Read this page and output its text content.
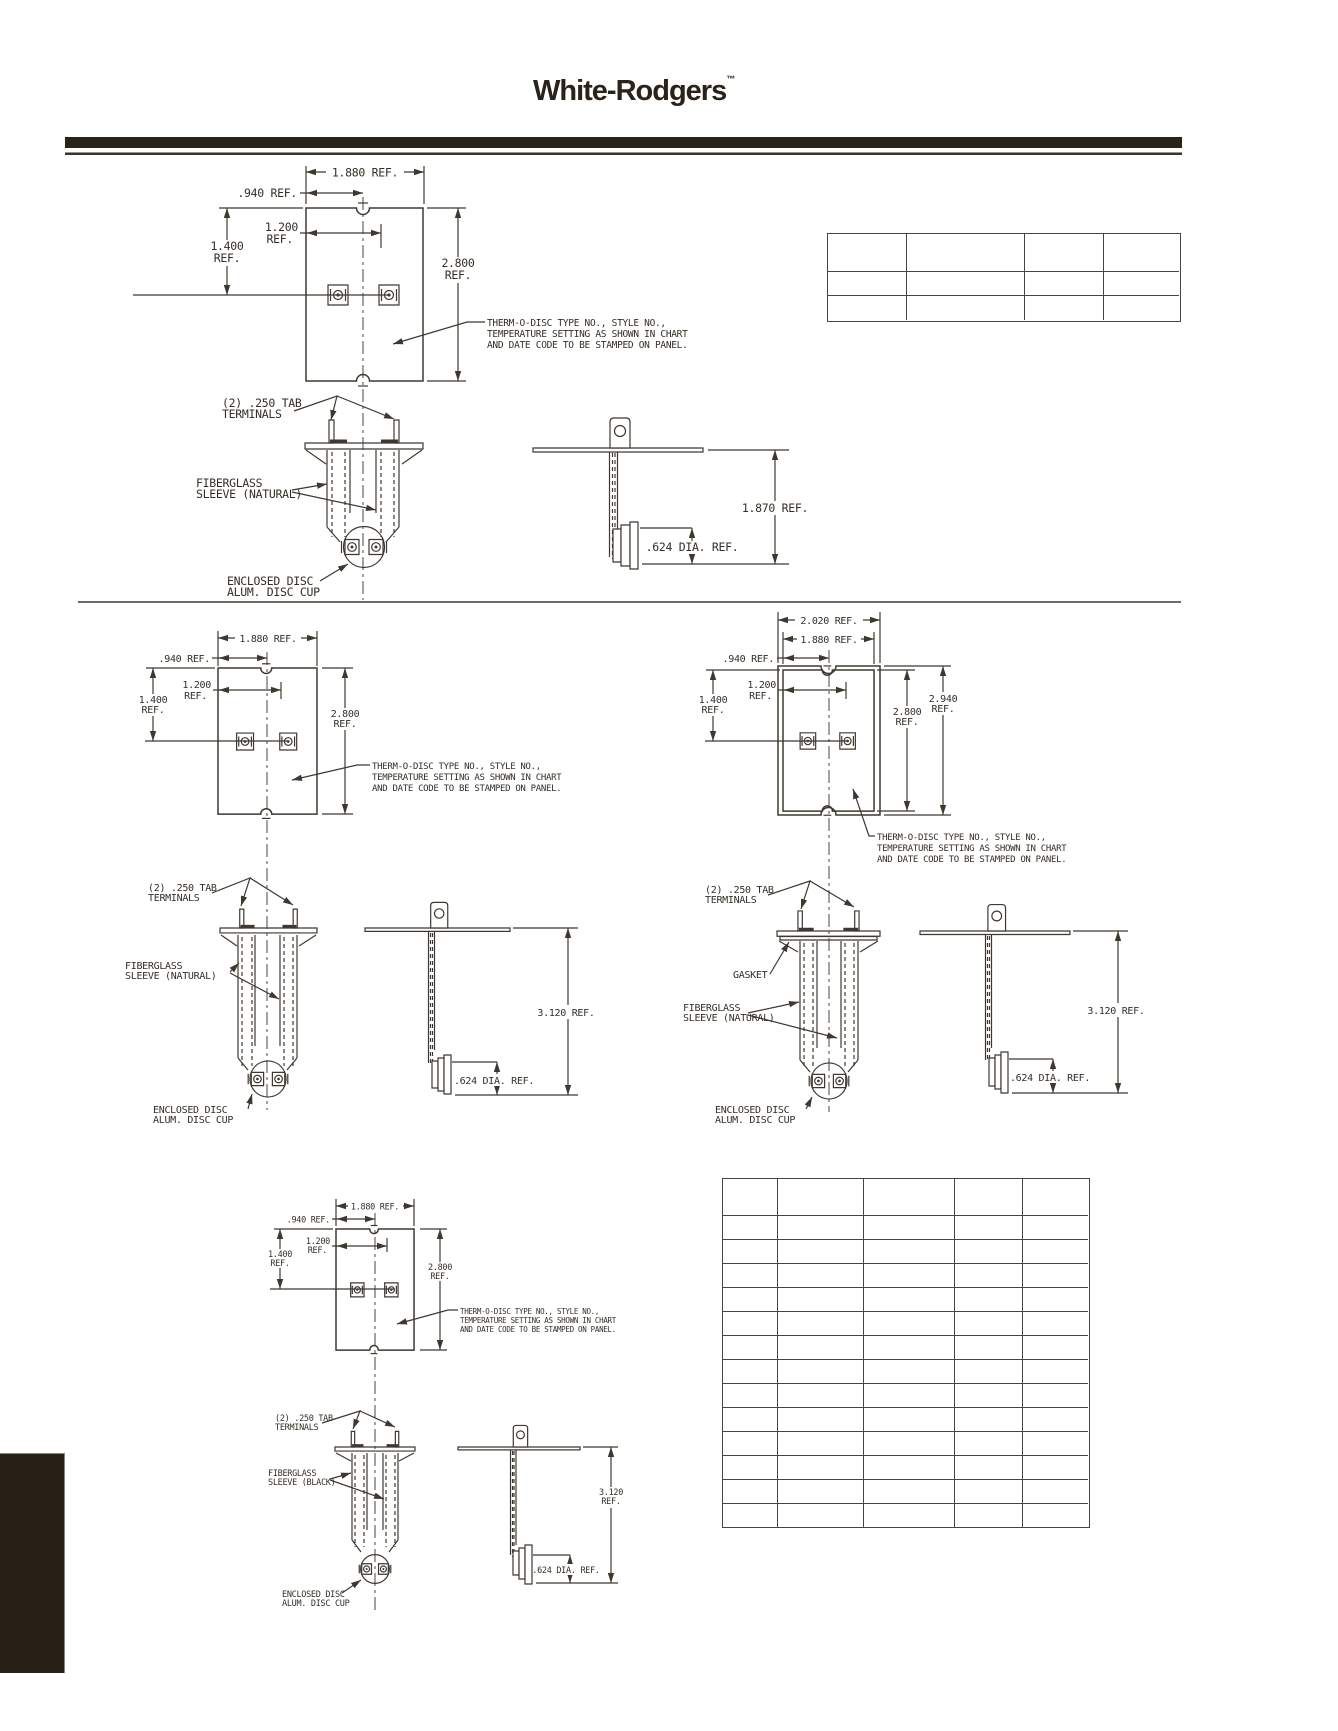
White-Rodgers™
1.880 REF.
.940 REF.
1.200
REF.
1.400
REF.	2.800
REF.
THERM-O-DISC TYPE NO., STYLE NO.,
TEMPERATURE SETTING AS SHOWN IN CHART
AND DATE CODE TO BE STAMPED ON PANEL.
(2) .250 TAB
TERMINALS
FIBERGLASS
SLEEVE (NATURAL)
ENCLOSED DISC
ALUM. DISC CUP
1.870 REF.
.624 DIA. REF.
1.880 REF.
.940 REF.
1.200
REF.
1.400
REF.	2.800
REF.
THERM-O-DISC TYPE NO., STYLE NO.,
TEMPERATURE SETTING AS SHOWN IN CHART
AND DATE CODE TO BE STAMPED ON PANEL.
(2) .250 TAB
TERMINALS
FIBERGLASS
SLEEVE (NATURAL)
ENCLOSED DISC
ALUM. DISC CUP
3.120 REF.
.624 DIA. REF.
2.020 REF.
1.880 REF.
.940 REF.
1.200
REF.
1.400
REF.	2.800
REF.
2.940
REF.
THERM-O-DISC TYPE NO., STYLE NO.,
TEMPERATURE SETTING AS SHOWN IN CHART
AND DATE CODE TO BE STAMPED ON PANEL.
(2) .250 TAB
TERMINALS
GASKET
FIBERGLASS
SLEEVE (NATURAL)
ENCLOSED DISC
ALUM. DISC CUP
3.120 REF.
.624 DIA. REF.
1.880 REF.
.940 REF.
1.200
REF.
1.400
REF.	2.800
REF.
THERM-O-DISC TYPE NO., STYLE NO.,
TEMPERATURE SETTING AS SHOWN IN CHART
AND DATE CODE TO BE STAMPED ON PANEL.
(2) .250 TAB
TERMINALS
FIBERGLASS
SLEEVE (BLACK)
ENCLOSED DISC
ALUM. DISC CUP
3.120
REF.
.624 DIA. REF.
